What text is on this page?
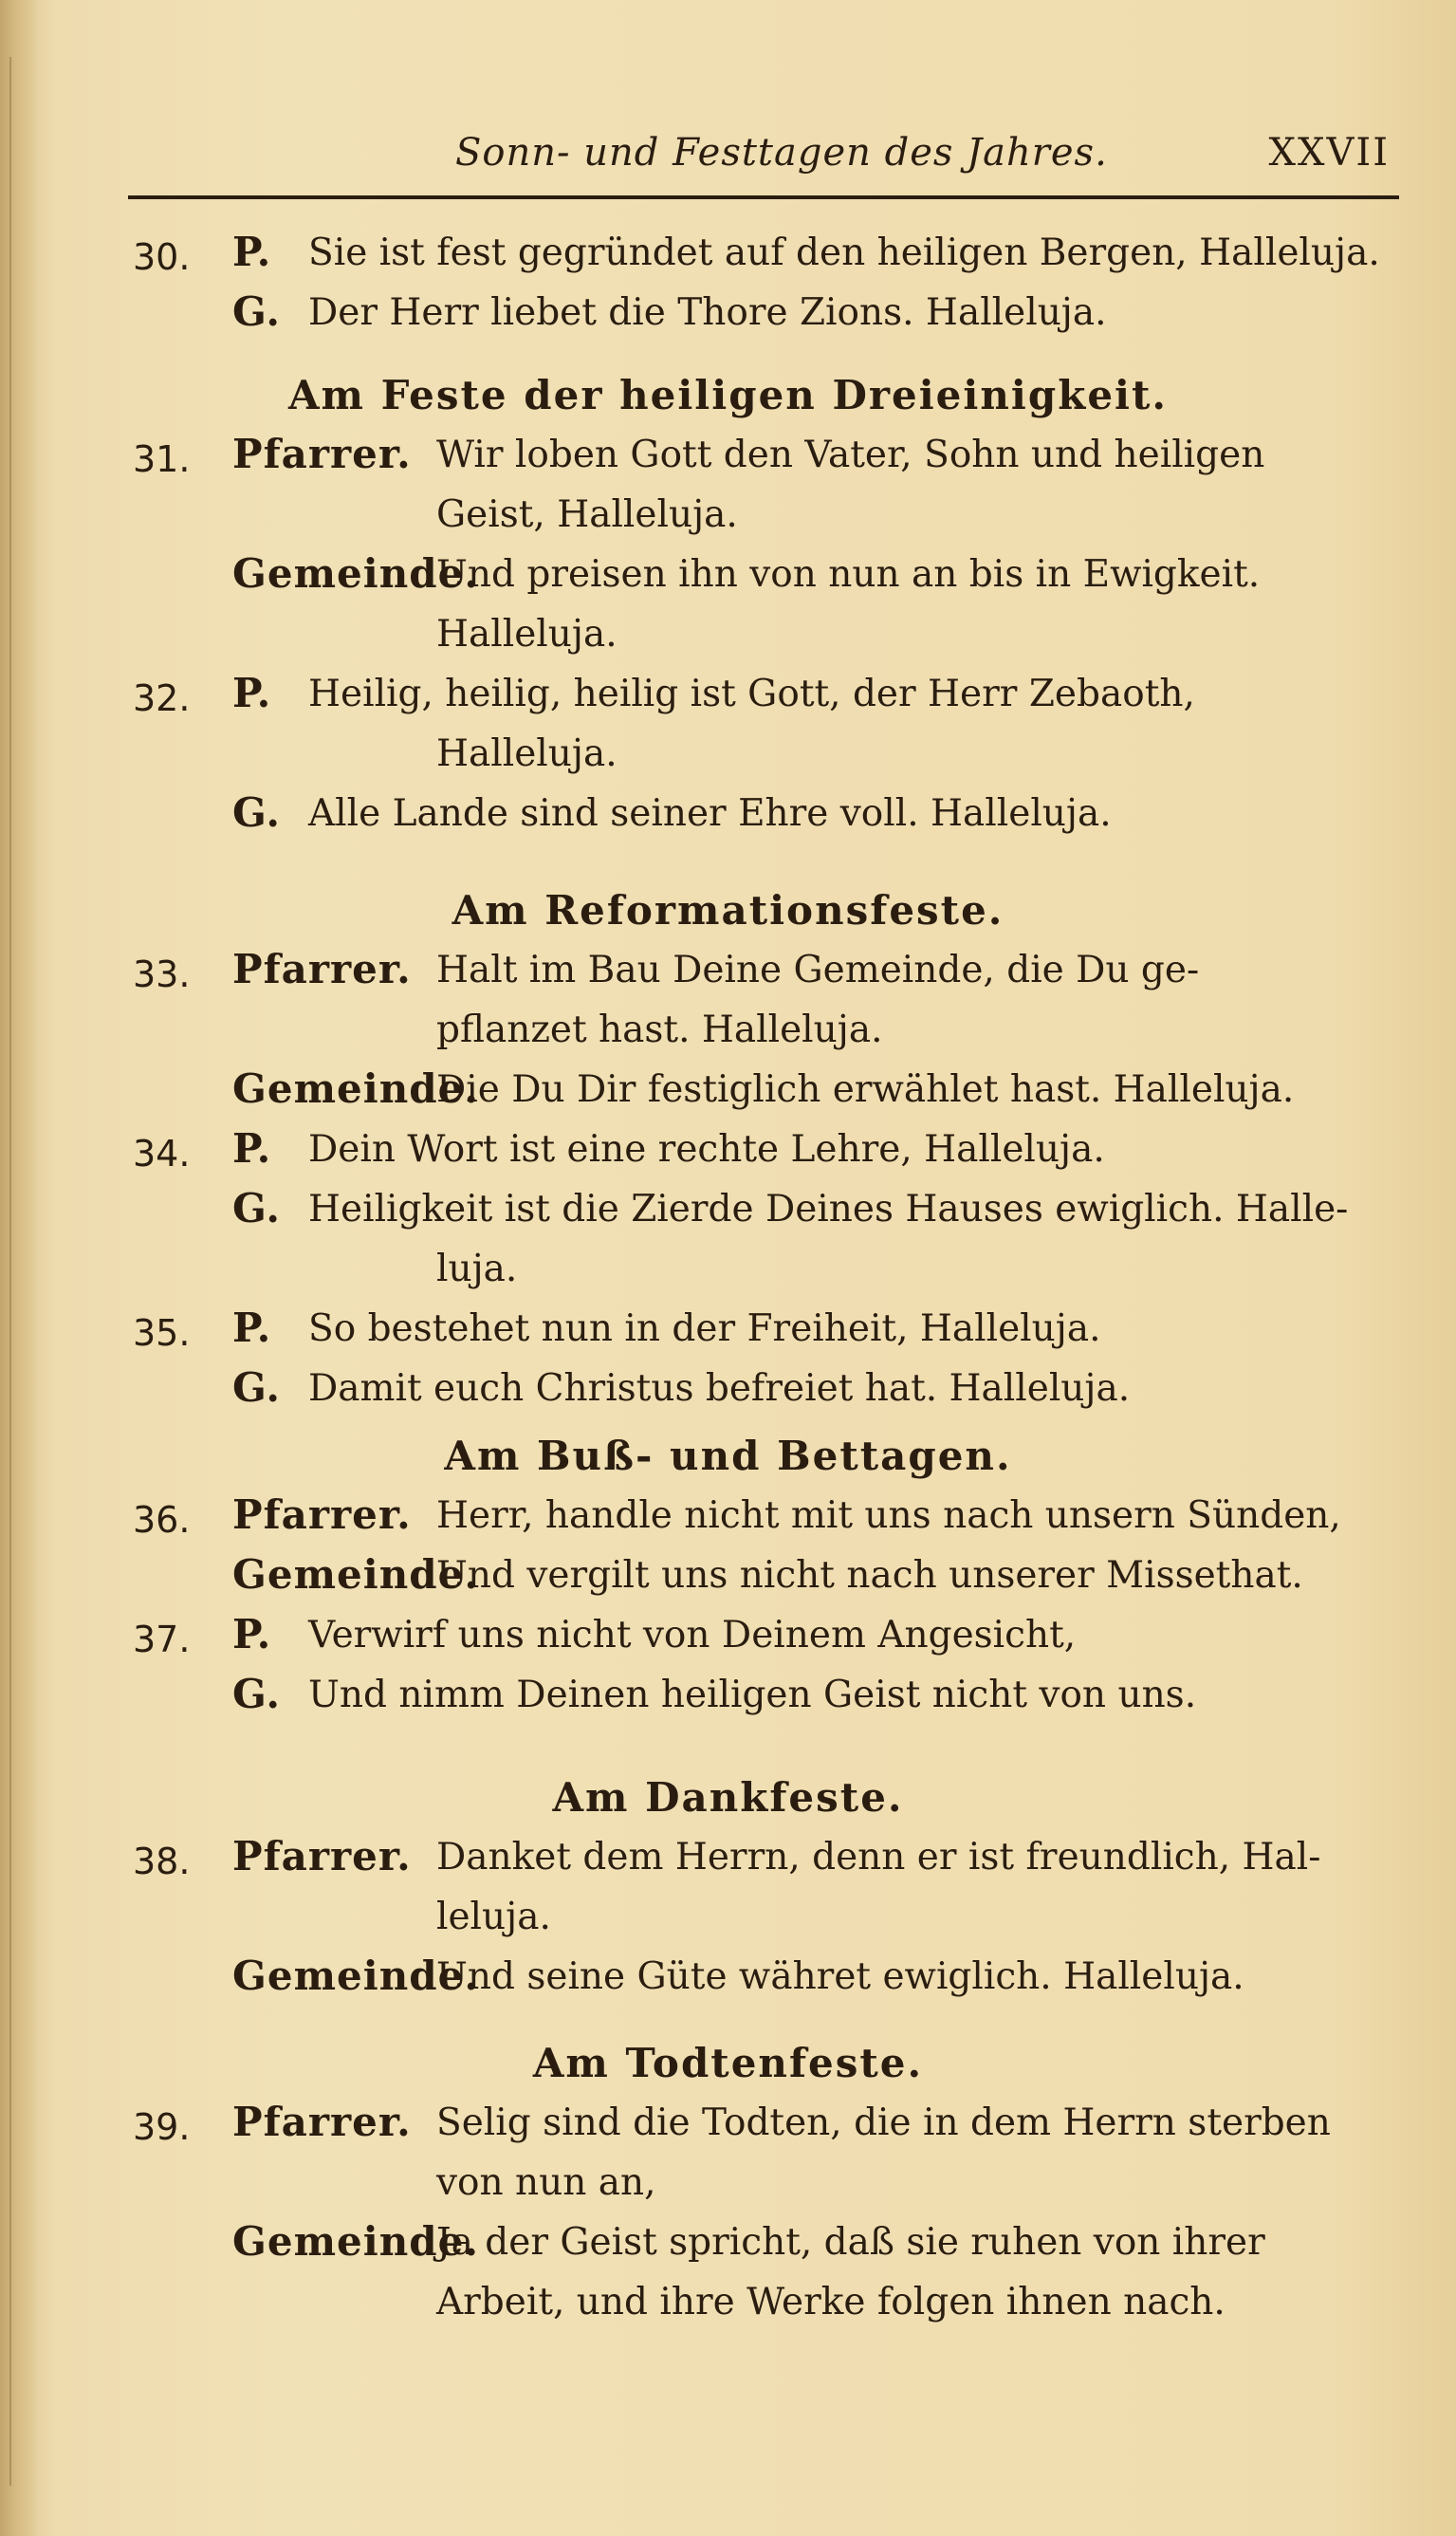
Sonn- und Festtagen des Jahres.	XXVII
30. P. Sie ist fest gegründet auf den heiligen Bergen, Halleluja.
G. Der Herr liebet die Thore Zions. Halleluja.
Am Feste der heiligen Dreieinigkeit.
31. Pfarrer. Wir loben Gott den Vater, Sohn und heiligen
Geist, Halleluja.
Gemeinde.
Und preisen ihn von nun an bis in Ewigkeit.
Halleluja.
32. P. Heilig, heilig, heilig ist Gott, der Herr Zebaoth,
Halleluja.
G. Alle Lande sind seiner Ehre voll. Halleluja.
Am Reformationsfeste.
33. Pfarrer. Halt im Bau Deine Gemeinde, die Du ge-
pflanzet hast. Halleluja.
Gemeinde.
Die Du Dir festiglich erwählet hast. Halleluja.
34. P. Dein Wort ist eine rechte Lehre, Halleluja.
G. Heiligkeit ist die Zierde Deines Hauses ewiglich. Halle-
luja.
35. P. So bestehet nun in der Freiheit, Halleluja.
G. Damit euch Christus befreiet hat. Halleluja.
Am Buß- und Bettagen.
36. Pfarrer. Herr, handle nicht mit uns nach unsern Sünden,
Gemeinde.
Und vergilt uns nicht nach unserer Missethat.
37. P. Verwirf uns nicht von Deinem Angesicht,
G. Und nimm Deinen heiligen Geist nicht von uns.
Am Dankfeste.
38. Pfarrer. Danket dem Herrn, denn er ist freundlich, Hal-
leluja.
Gemeinde.
Und seine Güte währet ewiglich. Halleluja.
Am Todtenfeste.
39. Pfarrer. Selig sind die Todten, die in dem Herrn sterben
von nun an,
Gemeinde.
Ja der Geist spricht, daß sie ruhen von ihrer
Arbeit, und ihre Werke folgen ihnen nach.
